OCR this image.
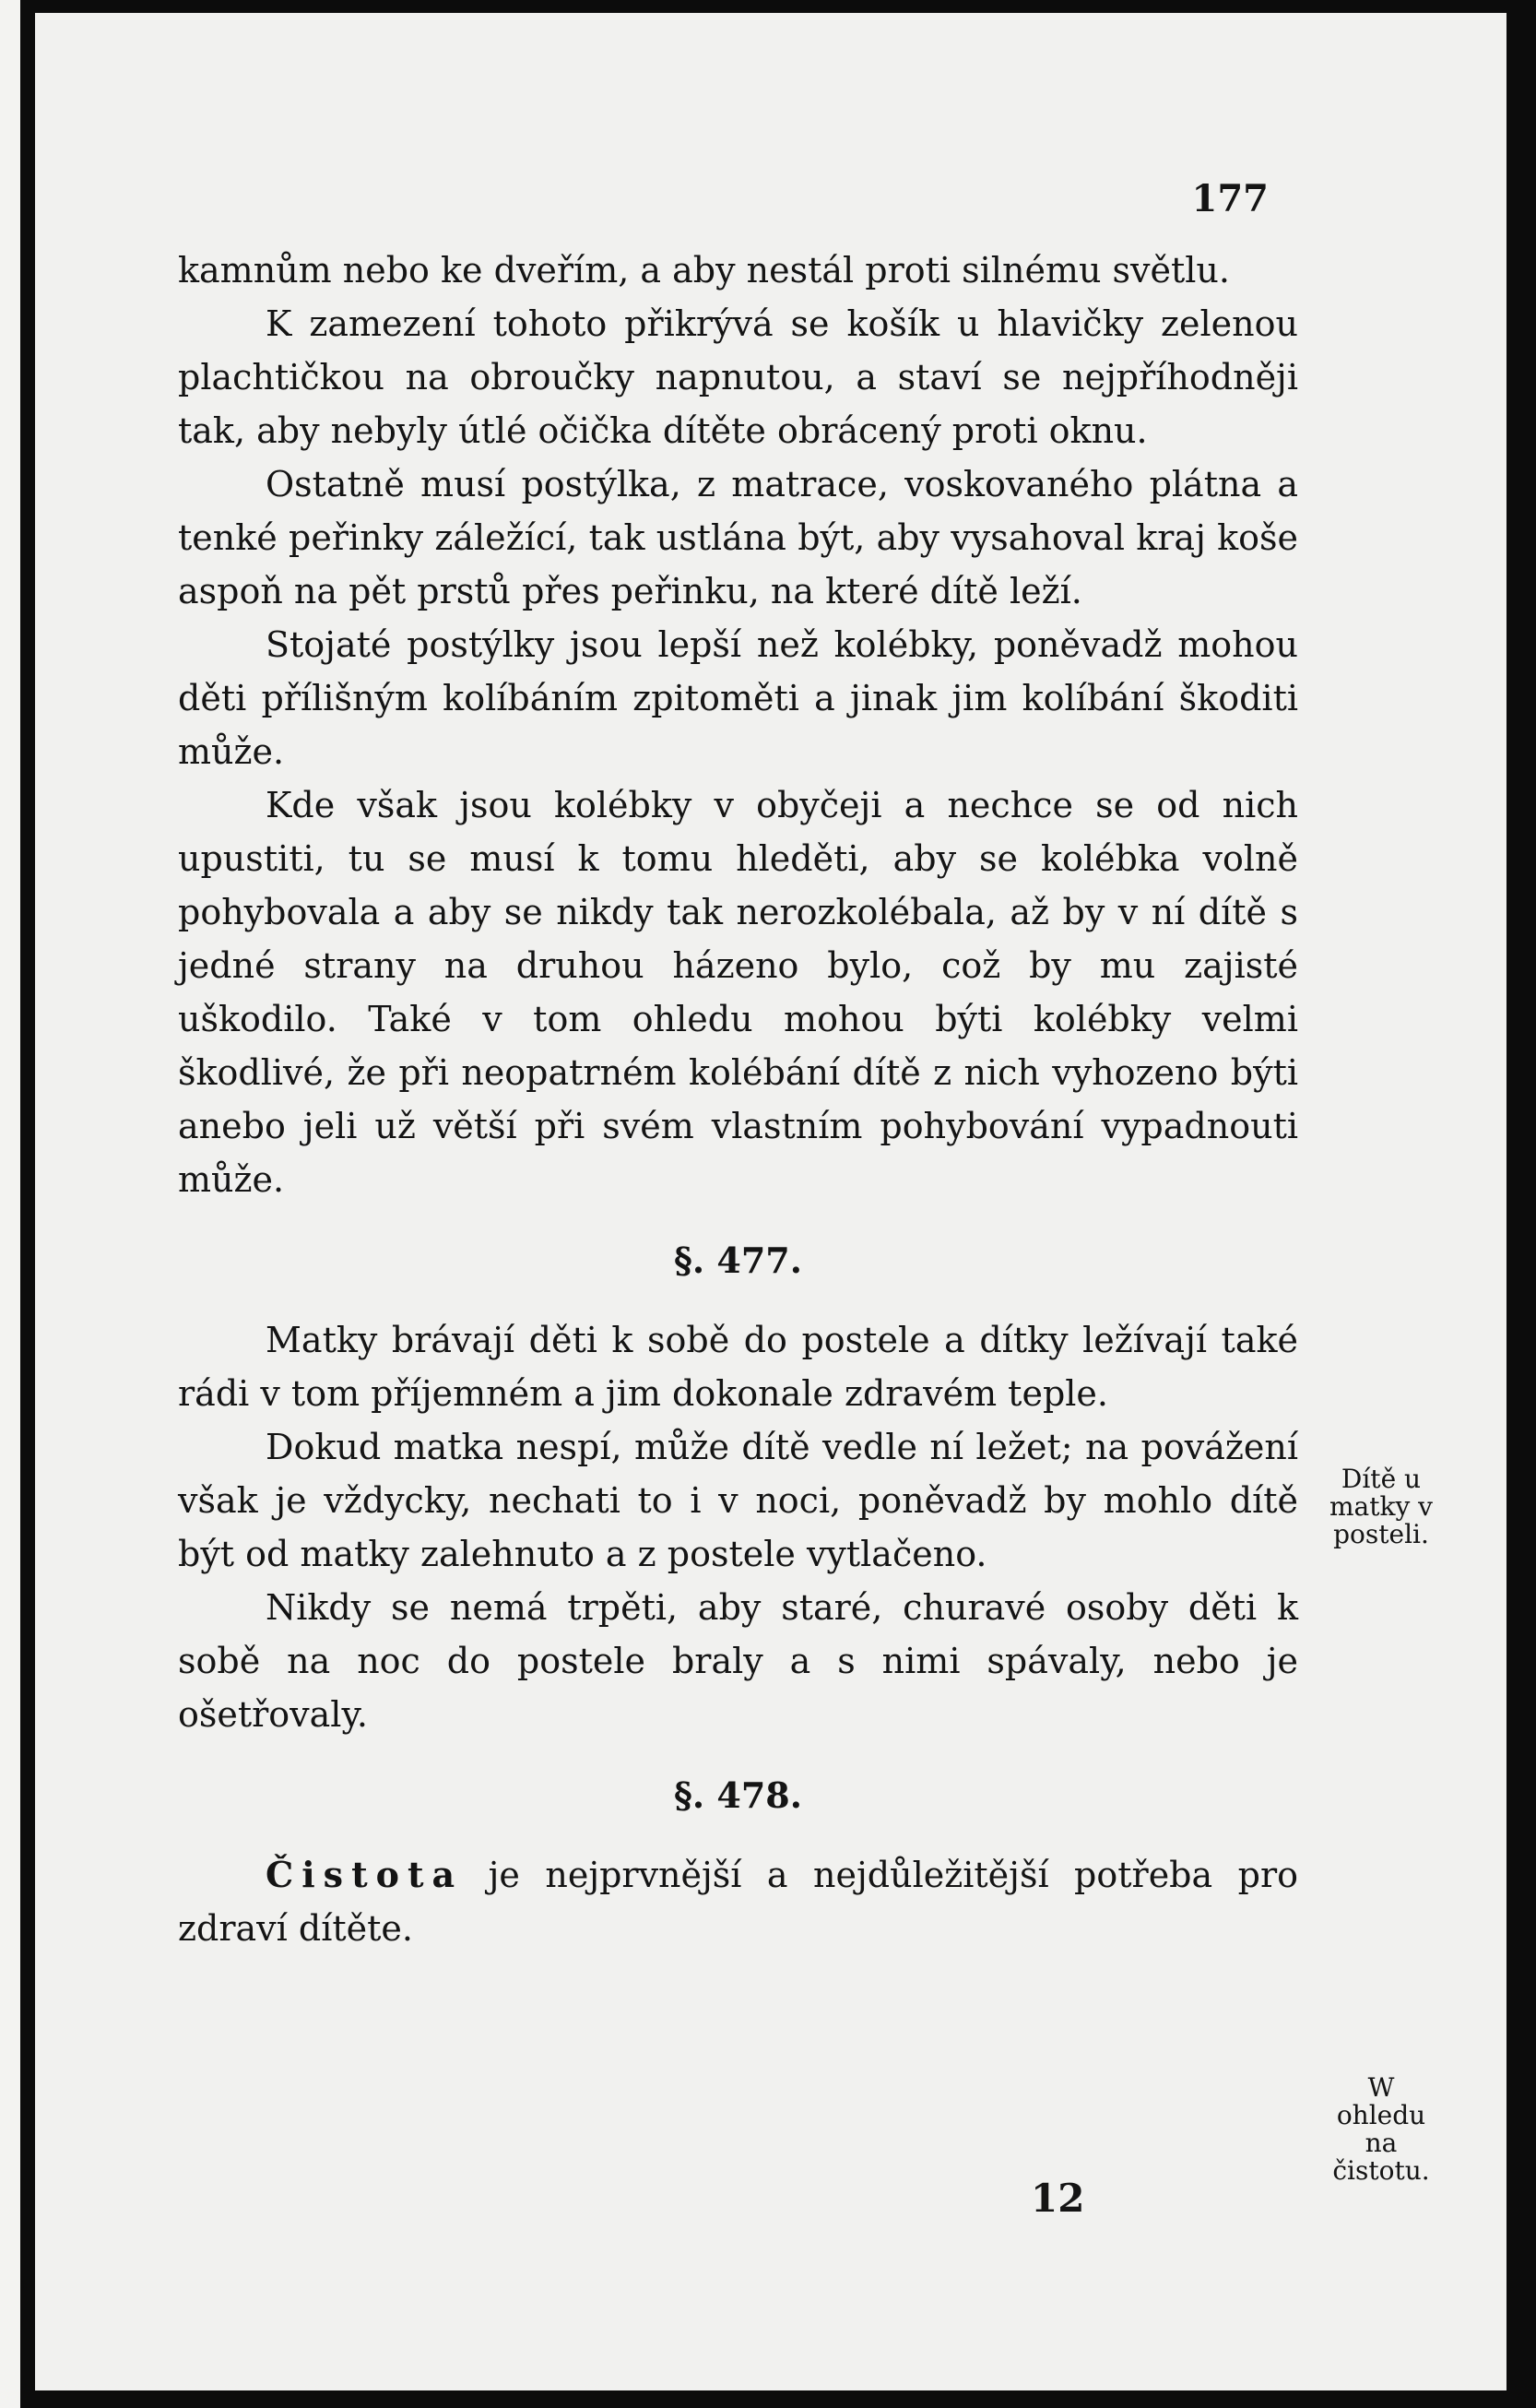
177

kamnům nebo ke dveřím, a aby nestál proti silnému světlu.

K zamezení tohoto přikrývá se košík u hlavičky zelenou plachtičkou na obroučky napnutou, a staví se nejpříhodněji tak, aby nebyly útlé očička dítěte obrácený proti oknu.

Ostatně musí postýlka, z matrace, voskovaného plátna a tenké peřinky záležící, tak ustlána být, aby vysahoval kraj koše aspoň na pět prstů přes peřinku, na které dítě leží.

Stojaté postýlky jsou lepší než kolébky, poněvadž mohou děti přílišným kolíbáním zpitoměti a jinak jim kolíbání škoditi může.

Kde však jsou kolébky v obyčeji a nechce se od nich upustiti, tu se musí k tomu hleděti, aby se kolébka volně pohybovala a aby se nikdy tak nerozkolébala, až by v ní dítě s jedné strany na druhou házeno bylo, což by mu zajisté uškodilo. Také v tom ohledu mohou býti kolébky velmi škodlivé, že při neopatrném kolébání dítě z nich vyhozeno býti anebo jeli už větší při svém vlastním pohybování vypadnouti může.

§. 477.

Matky brávají děti k sobě do postele a dítky ležívají také rádi v tom příjemném a jim dokonale zdravém teple.

Dokud matka nespí, může dítě vedle ní ležet; na povážení však je vždycky, nechati to i v noci, poněvadž by mohlo dítě být od matky zalehnuto a z postele vytlačeno.

Nikdy se nemá trpěti, aby staré, churavé osoby děti k sobě na noc do postele braly a s nimi spávaly, nebo je ošetřovaly.

§. 478.

Čistota je nejprvnější a nejdůležitější potřeba pro zdraví dítěte.

Dítě u matky v posteli.
W ohledu na čistotu.
12
